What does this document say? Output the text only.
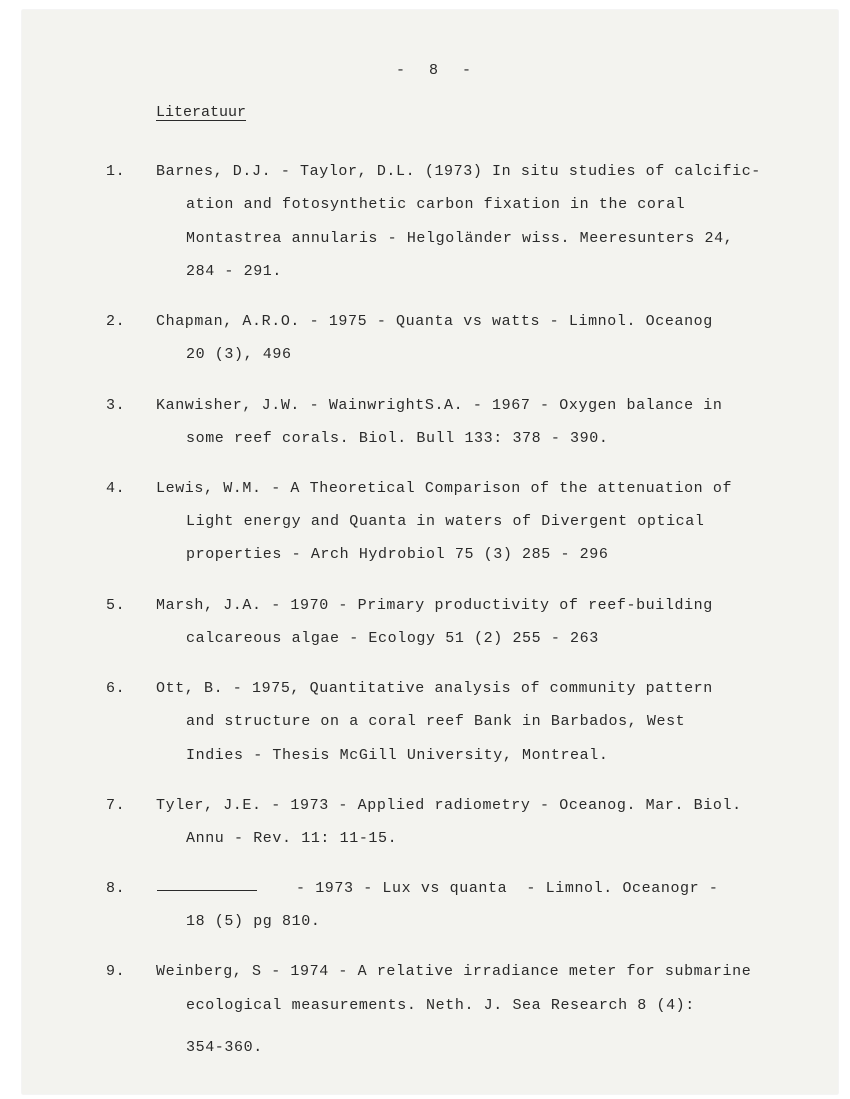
-  8  -
Literatuur
1. Barnes, D.J. - Taylor, D.L. (1973) In situ studies of calcific-
ation and fotosynthetic carbon fixation in the coral
Montastrea annularis - Helgoländer wiss. Meeresunters 24,
284 - 291.
2. Chapman, A.R.O. - 1975 - Quanta vs watts - Limnol. Oceanog
20 (3), 496
3. Kanwisher, J.W. - WainwrightS.A. - 1967 - Oxygen balance in
some reef corals. Biol. Bull 133: 378 - 390.
4. Lewis, W.M. - A Theoretical Comparison of the attenuation of
Light energy and Quanta in waters of Divergent optical
properties - Arch Hydrobiol 75 (3) 285 - 296
5. Marsh, J.A. - 1970 - Primary productivity of reef-building
calcareous algae - Ecology 51 (2) 255 - 263
6. Ott, B. - 1975, Quantitative analysis of community pattern
and structure on a coral reef Bank in Barbados, West
Indies - Thesis McGill University, Montreal.
7. Tyler, J.E. - 1973 - Applied radiometry - Oceanog. Mar. Biol.
Annu - Rev. 11: 11-15.
8.	- 1973 - Lux vs quanta  - Limnol. Oceanogr -
18 (5) pg 810.
9. Weinberg, S - 1974 - A relative irradiance meter for submarine
ecological measurements. Neth. J. Sea Research 8 (4):
354-360.
